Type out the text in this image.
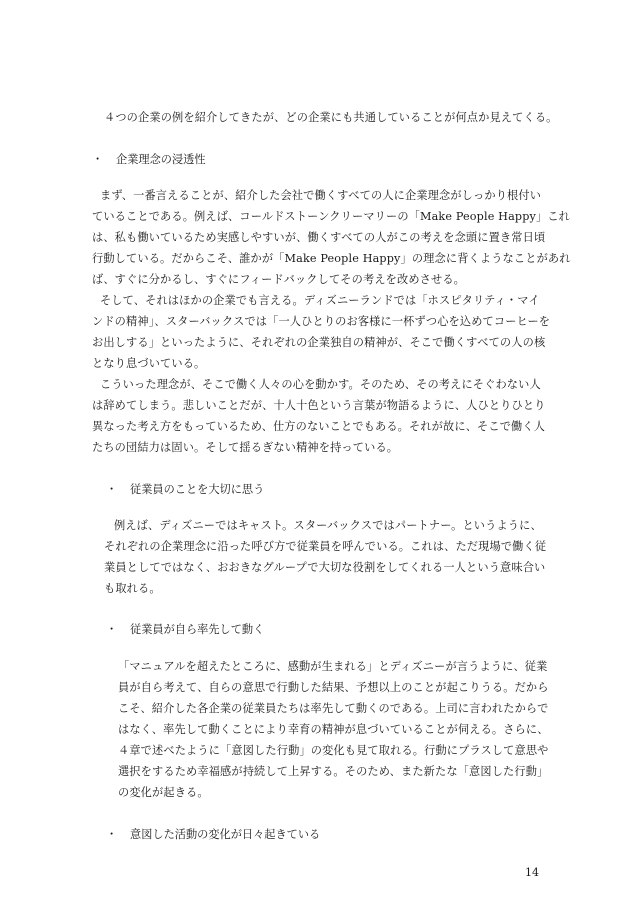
４つの企業の例を紹介してきたが、どの企業にも共通していることが何点か見えてくる。
・ 企業理念の浸透性
まず、一番言えることが、紹介した会社で働くすべての人に企業理念がしっかり根付い
ていることである。例えば、コールドストーンクリーマリーの「Make People Happy」これ
は、私も働いているため実感しやすいが、働くすべての人がこの考えを念頭に置き常日頃
行動している。だからこそ、誰かが「Make People Happy」の理念に背くようなことがあれ
ば、すぐに分かるし、すぐにフィードバックしてその考えを改めさせる。
そして、それはほかの企業でも言える。ディズニーランドでは「ホスピタリティ・マイ
ンドの精神」、スターバックスでは「一人ひとりのお客様に一杯ずつ心を込めてコーヒーを
お出しする」といったように、それぞれの企業独自の精神が、そこで働くすべての人の核
となり息づいている。
こういった理念が、そこで働く人々の心を動かす。そのため、その考えにそぐわない人
は辞めてしまう。悲しいことだが、十人十色という言葉が物語るように、人ひとりひとり
異なった考え方をもっているため、仕方のないことでもある。それが故に、そこで働く人
たちの団結力は固い。そして揺るぎない精神を持っている。
・ 従業員のことを大切に思う
例えば、ディズニーではキャスト。スターバックスではパートナー。というように、
それぞれの企業理念に沿った呼び方で従業員を呼んでいる。これは、ただ現場で働く従
業員としてではなく、おおきなグループで大切な役割をしてくれる一人という意味合い
も取れる。
・ 従業員が自ら率先して動く
「マニュアルを超えたところに、感動が生まれる」とディズニーが言うように、従業
員が自ら考えて、自らの意思で行動した結果、予想以上のことが起こりうる。だから
こそ、紹介した各企業の従業員たちは率先して動くのである。上司に言われたからで
はなく、率先して動くことにより幸育の精神が息づいていることが伺える。さらに、
４章で述べたように「意図した行動」の変化も見て取れる。行動にプラスして意思や
選択をするため幸福感が持続して上昇する。そのため、また新たな「意図した行動」
の変化が起きる。
・ 意図した活動の変化が日々起きている
14
